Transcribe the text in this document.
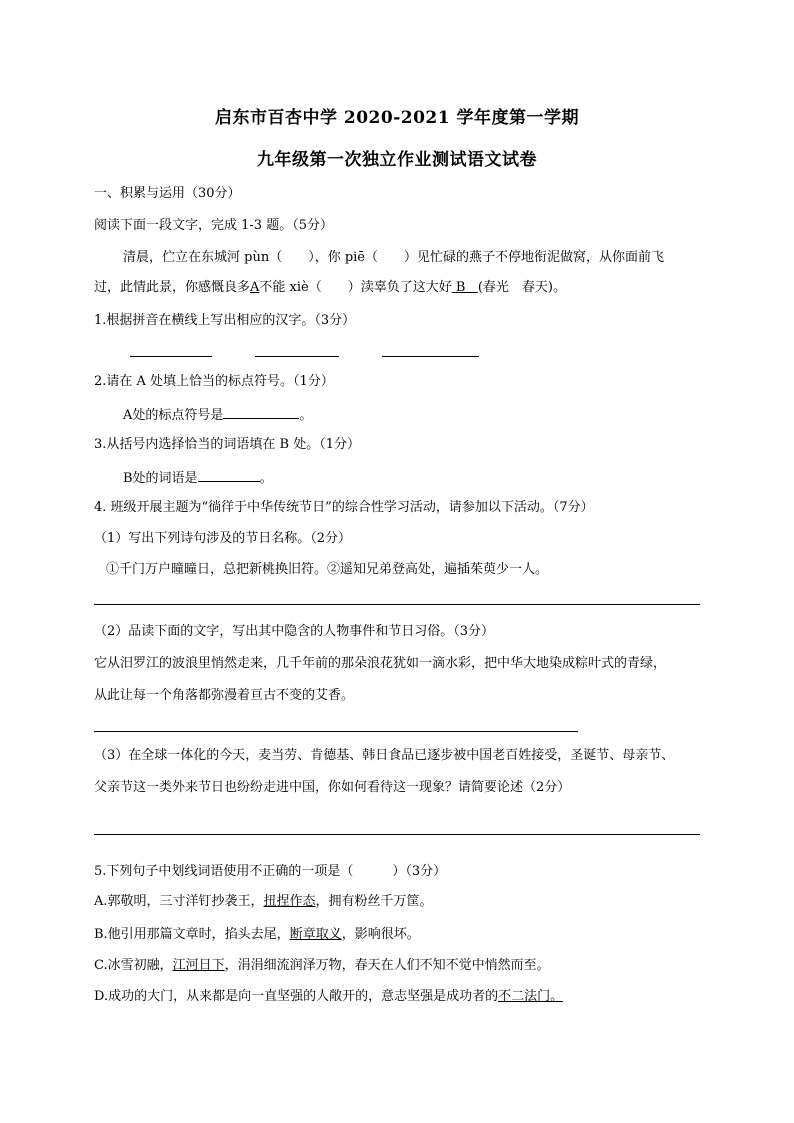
启东市百杏中学 2020-2021 学年度第一学期
九年级第一次独立作业测试语文试卷
一、积累与运用（30分）
阅读下面一段文字，完成 1-3 题。（5分）
清晨，伫立在东城河 pùn（　　），你 piē（　　）见忙碌的燕子不停地衔泥做窝，从你面前飞
过，此情此景，你感慨良多A不能 xiè（　　）渎辜负了这大好 B (春光　春天)。
1.根据拼音在横线上写出相应的汉字。（3分）
2.请在 A 处填上恰当的标点符号。（1分）
A处的标点符号是	。
3.从括号内选择恰当的词语填在 B 处。（1分）
B处的词语是	。
4. 班级开展主题为“徜徉于中华传统节日”的综合性学习活动，请参加以下活动。（7分）
（1）写出下列诗句涉及的节日名称。（2分）
①千门万户曈曈日，总把新桃换旧符。②遥知兄弟登高处，遍插茱萸少一人。
（2）品读下面的文字，写出其中隐含的人物事件和节日习俗。（3分）
它从汨罗江的波浪里悄然走来，几千年前的那朵浪花犹如一滴水彩，把中华大地染成粽叶式的青绿，
从此让每一个角落都弥漫着亘古不变的艾香。
（3）在全球一体化的今天，麦当劳、肯德基、韩日食品已逐步被中国老百姓接受，圣诞节、母亲节、
父亲节这一类外来节日也纷纷走进中国，你如何看待这一现象？请简要论述（2分）
5.下列句子中划线词语使用不正确的一项是（　　　）（3分）
A.郭敬明，三寸洋钉抄袭王，扭捏作态，拥有粉丝千万筐。
B.他引用那篇文章时，掐头去尾，断章取义，影响很坏。
C.冰雪初融，江河日下，涓涓细流润泽万物，春天在人们不知不觉中悄然而至。
D.成功的大门，从来都是向一直坚强的人敞开的，意志坚强是成功者的不二法门。
